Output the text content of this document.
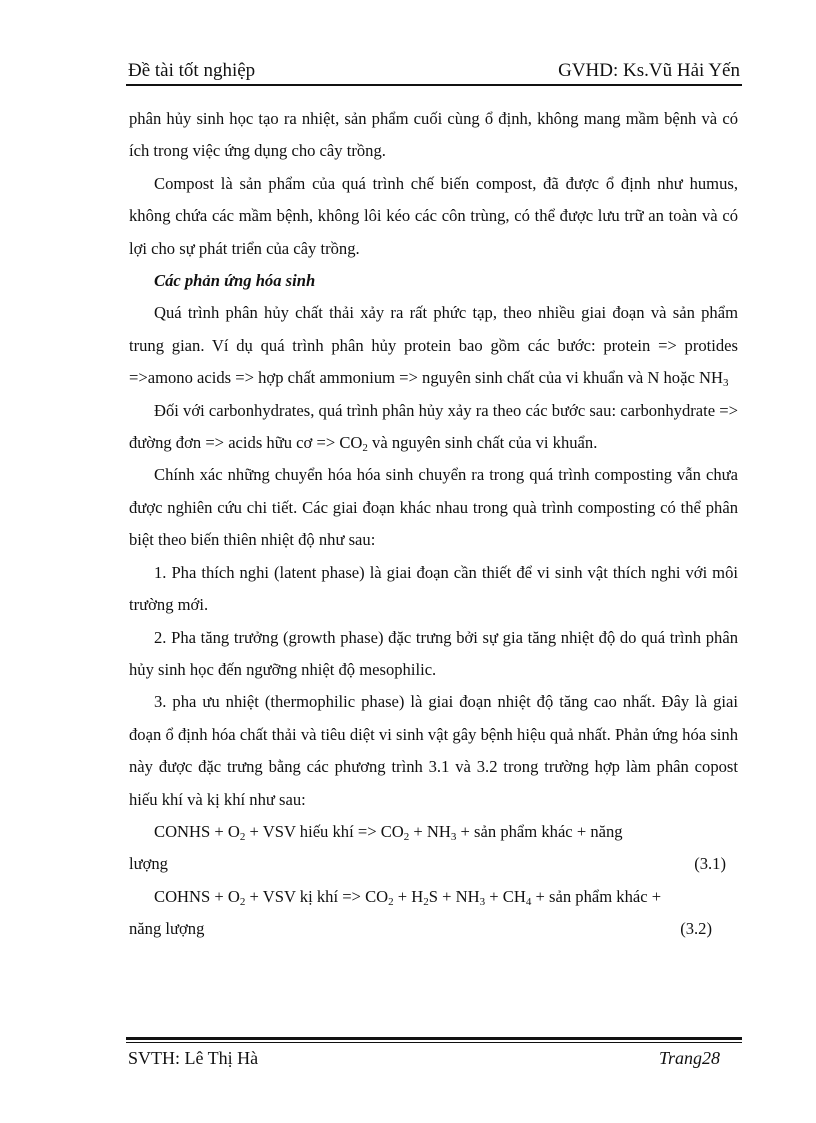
Đề tài tốt nghiệp	GVHD: Ks.Vũ Hải Yến

phân hủy sinh học tạo ra nhiệt, sản phẩm cuối cùng ổ định, không mang mầm bệnh và có ích trong việc ứng dụng cho cây trồng.

Compost là sản phẩm của quá trình chế biến compost, đã được ổ định như humus, không chứa các mầm bệnh, không lôi kéo các côn trùng, có thể được lưu trữ an toàn và có lợi cho sự phát triển của cây trồng.

Các phản ứng hóa sinh

Quá trình phân hủy chất thải xảy ra rất phức tạp, theo nhiều giai đoạn và sản phẩm trung gian. Ví dụ quá trình phân hủy protein bao gồm các bước: protein => protides =>amono acids => hợp chất ammonium => nguyên sinh chất của vi khuẩn và N hoặc $NH_3$

Đối với carbonhydrates, quá trình phân hủy xảy ra theo các bước sau: carbonhydrate => đường đơn => acids hữu cơ => $CO_2$ và nguyên sinh chất của vi khuẩn.

Chính xác những chuyển hóa hóa sinh chuyển ra trong quá trình composting vẫn chưa được nghiên cứu chi tiết. Các giai đoạn khác nhau trong quà trình composting có thể phân biệt theo biến thiên nhiệt độ như sau:

1. Pha thích nghi (latent phase) là giai đoạn cần thiết để vi sinh vật thích nghi với môi trường mới.

2. Pha tăng trưởng (growth phase) đặc trưng bởi sự gia tăng nhiệt độ do quá trình phân hủy sinh học đến ngưỡng nhiệt độ mesophilic.

3. pha ưu nhiệt (thermophilic phase) là giai đoạn nhiệt độ tăng cao nhất. Đây là giai đoạn ổ định hóa chất thải và tiêu diệt vi sinh vật gây bệnh hiệu quả nhất. Phản ứng hóa sinh này được đặc trưng bằng các phương trình 3.1 và 3.2 trong trường hợp làm phân copost hiếu khí và kị khí như sau:

CONHS + $O_2$ + VSV hiếu khí => $CO_2 + NH_3$ + sản phẩm khác + năng

lượng	(3.1)

COHNS + $O_2$ + VSV kị khí => $CO_2 + H_2S + NH_3 + CH_4$ + sản phẩm khác +

năng lượng	(3.2)
SVTH: Lê Thị Hà	Trang28
